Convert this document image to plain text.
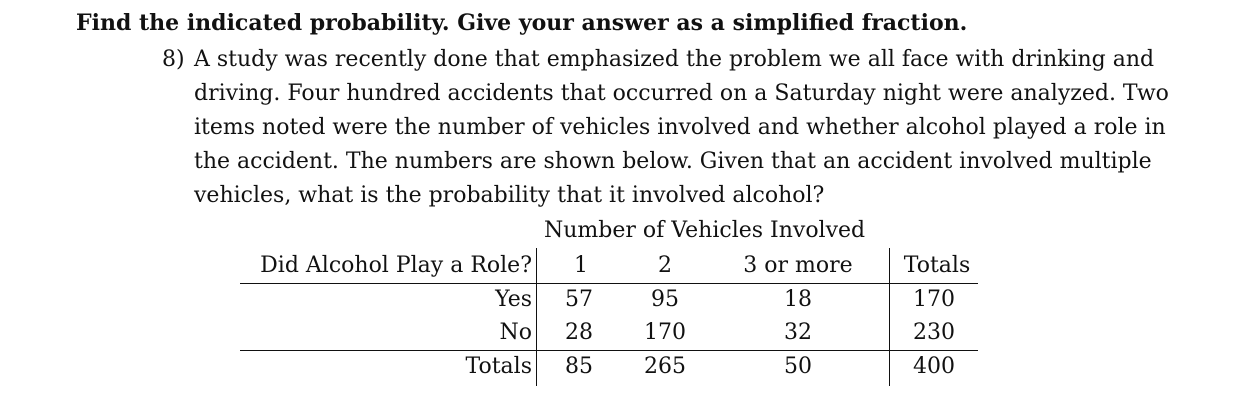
Find the indicated probability. Give your answer as a simplified fraction.
8) A study was recently done that emphasized the problem we all face with drinking and
driving. Four hundred accidents that occurred on a Saturday night were analyzed. Two
items noted were the number of vehicles involved and whether alcohol played a role in
the accident. The numbers are shown below. Given that an accident involved multiple
vehicles, what is the probability that it involved alcohol?
Number of Vehicles Involved
Did Alcohol Play a Role?	1	2	3 or more	Totals
Yes	57	95	18	170
No	28	170	32	230
Totals	85	265	50	400
